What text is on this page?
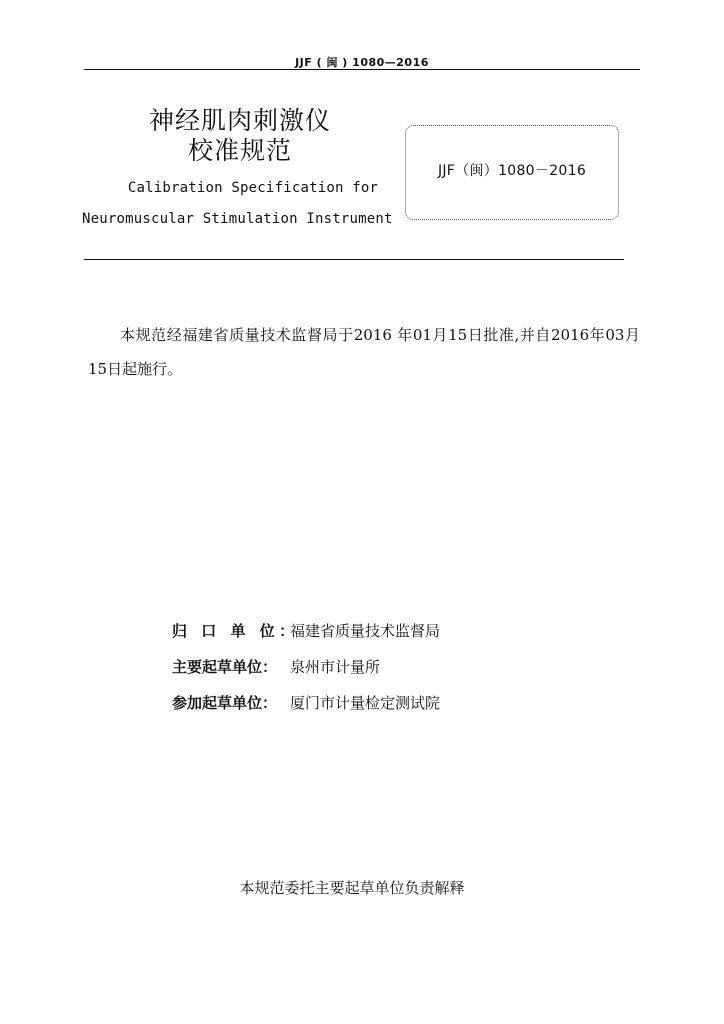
JJF ( 闽 ) 1080—2016
神经肌肉刺激仪
校准规范

Calibration Specification for

Neuromuscular Stimulation Instrument

JJF（闽）1080－2016

本规范经福建省质量技术监督局于2016 年01月15日批准,并自2016年03月15日起施行。

归 口 单 位：
福建省质量技术监督局
主要起草单位： 泉州市计量所
参加起草单位： 厦门市计量检定测试院
本规范委托主要起草单位负责解释
